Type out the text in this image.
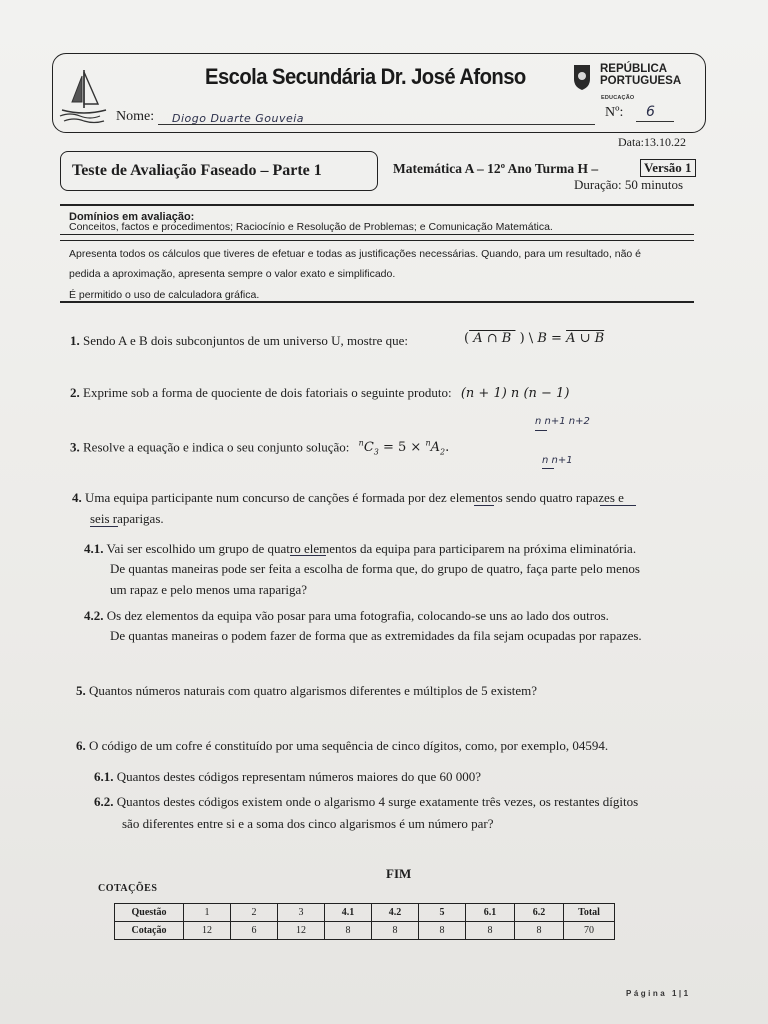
Escola Secundária Dr. José Afonso	REPÚBLICA
PORTUGUESA
EDUCAÇÃO
Nome: Diogo Duarte Gouveia	Nº: 6
Data:13.10.22
Teste de Avaliação Faseado – Parte 1	Matemática A – 12º Ano Turma H –	Versão 1
Duração: 50 minutos
Domínios em avaliação:
Conceitos, factos e procedimentos; Raciocínio e Resolução de Problemas; e Comunicação Matemática.
Apresenta todos os cálculos que tiveres de efetuar e todas as justificações necessárias. Quando, para um resultado, não é
pedida a aproximação, apresenta sempre o valor exato e simplificado.
É permitido o uso de calculadora gráfica.
1. Sendo A e B dois subconjuntos de um universo U, mostre que:	( A ∩ B  ) \ B = A ∪ B
2. Exprime sob a forma de quociente de dois fatoriais o seguinte produto: (n + 1) n (n − 1)
3. Resolve a equação e indica o seu conjunto solução: $^nC_3 = 5 \times ^nA_2$.
n n+1 n+2
n n+1
4. Uma equipa participante num concurso de canções é formada por dez elementos sendo quatro rapazes e
seis raparigas.
4.1. Vai ser escolhido um grupo de quatro elementos da equipa para participarem na próxima eliminatória.
De quantas maneiras pode ser feita a escolha de forma que, do grupo de quatro, faça parte pelo menos
um rapaz e pelo menos uma rapariga?
4.2. Os dez elementos da equipa vão posar para uma fotografia, colocando-se uns ao lado dos outros.
De quantas maneiras o podem fazer de forma que as extremidades da fila sejam ocupadas por rapazes.
5. Quantos números naturais com quatro algarismos diferentes e múltiplos de 5 existem?
6. O código de um cofre é constituído por uma sequência de cinco dígitos, como, por exemplo, 04594.
6.1. Quantos destes códigos representam números maiores do que 60 000?
6.2. Quantos destes códigos existem onde o algarismo 4 surge exatamente três vezes, os restantes dígitos
são diferentes entre si e a soma dos cinco algarismos é um número par?
FIM
COTAÇÕES
Questão	1	2	3	4.1	4.2	5	6.1	6.2	Total
Cotação	12	6	12	8	8	8	8	8	70
Página 1|1
